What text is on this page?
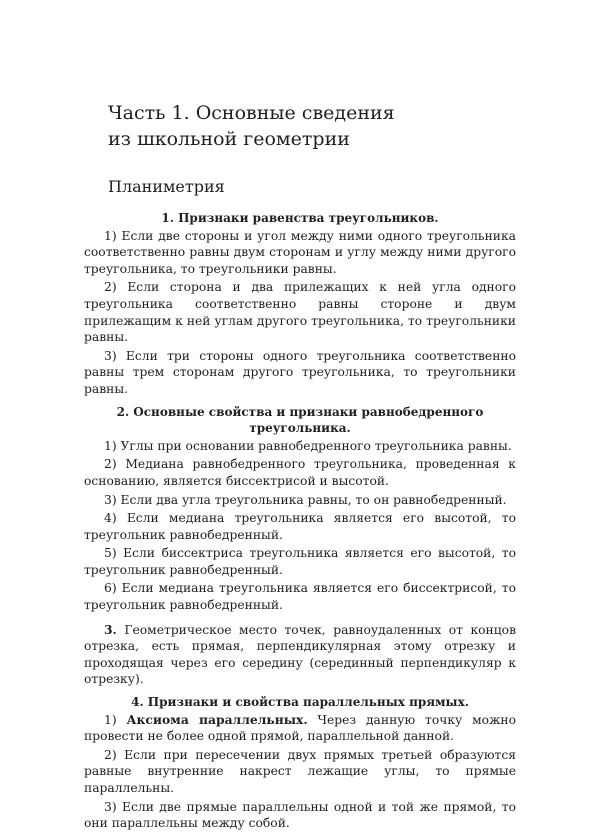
Часть 1. Основные сведения
из школьной геометрии
Планиметрия

1. Признаки равенства треугольников.

1) Если две стороны и угол между ними одного треугольника соответственно равны двум сторонам и углу между ними другого треугольника, то треугольники равны.

2) Если сторона и два прилежащих к ней угла одного треугольника соответственно равны стороне и двум прилежащим к ней углам другого треугольника, то треугольники равны.

3) Если три стороны одного треугольника соответственно равны трем сторонам другого треугольника, то треугольники равны.

2. Основные свойства и признаки равнобедренного треугольника.

1) Углы при основании равнобедренного треугольника равны.

2) Медиана равнобедренного треугольника, проведенная к основанию, является биссектрисой и высотой.

3) Если два угла треугольника равны, то он равнобедренный.

4) Если медиана треугольника является его высотой, то треугольник равнобедренный.

5) Если биссектриса треугольника является его высотой, то треугольник равнобедренный.

6) Если медиана треугольника является его биссектрисой, то треугольник равнобедренный.

3. Геометрическое место точек, равноудаленных от концов отрезка, есть прямая, перпендикулярная этому отрезку и проходящая через его середину (серединный перпендикуляр к отрезку).

4. Признаки и свойства параллельных прямых.

1) Аксиома параллельных. Через данную точку можно провести не более одной прямой, параллельной данной.

2) Если при пересечении двух прямых третьей образуются равные внутренние накрест лежащие углы, то прямые параллельны.

3) Если две прямые параллельны одной и той же прямой, то они параллельны между собой.
